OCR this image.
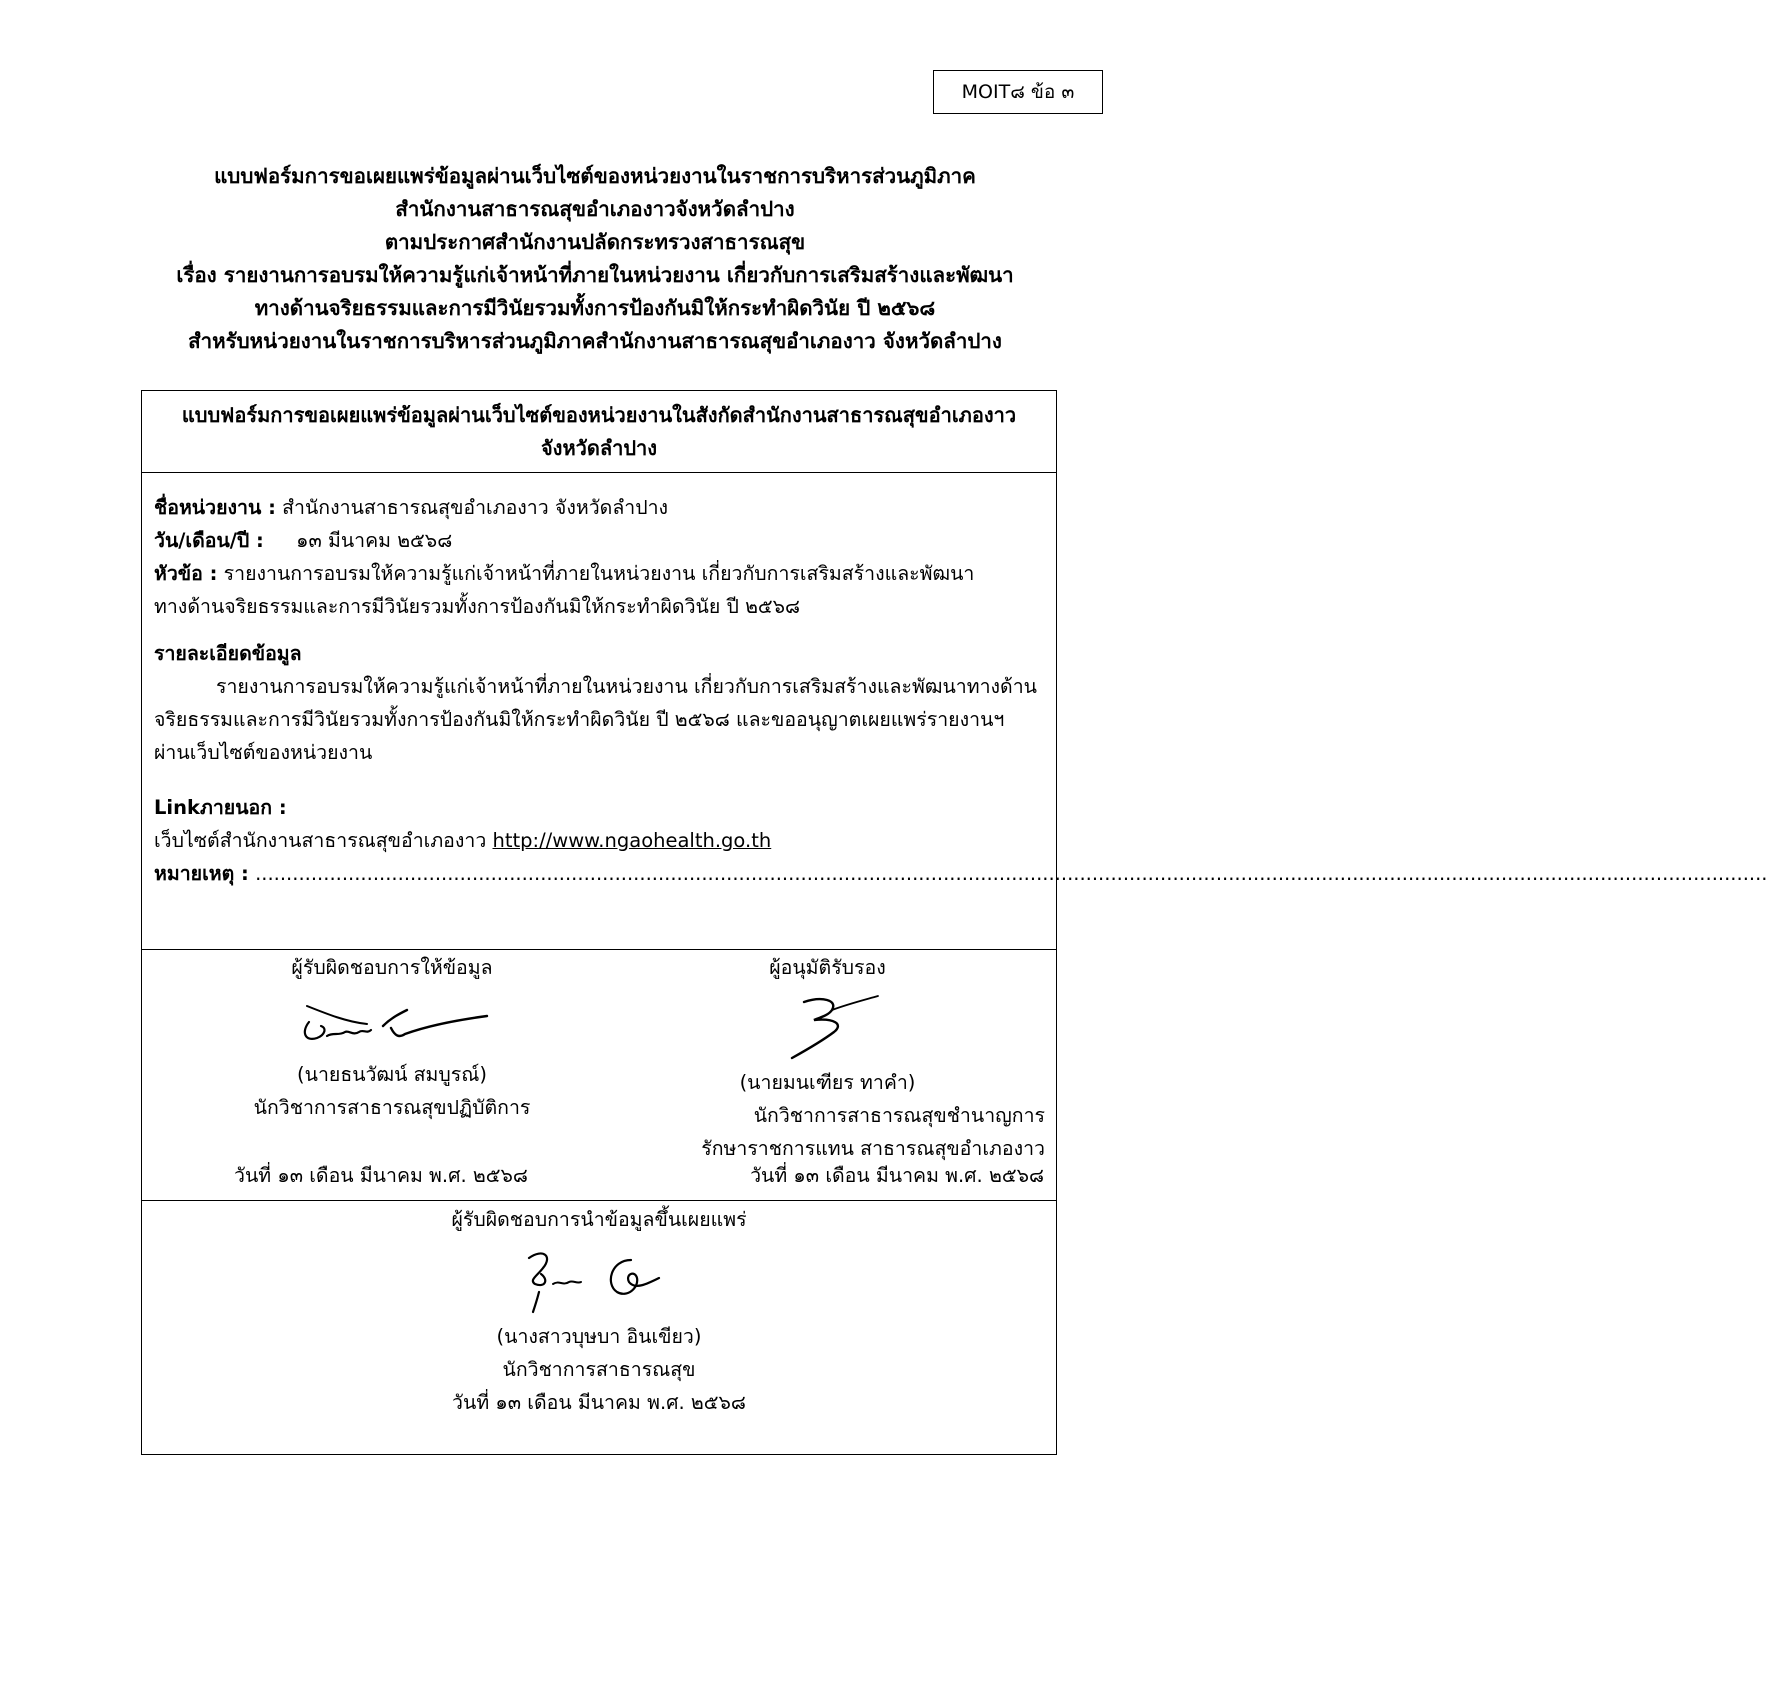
MOIT๘ ข้อ ๓
แบบฟอร์มการขอเผยแพร่ข้อมูลผ่านเว็บไซต์ของหน่วยงานในราชการบริหารส่วนภูมิภาค
สำนักงานสาธารณสุขอำเภองาวจังหวัดลำปาง
ตามประกาศสำนักงานปลัดกระทรวงสาธารณสุข
เรื่อง รายงานการอบรมให้ความรู้แก่เจ้าหน้าที่ภายในหน่วยงาน เกี่ยวกับการเสริมสร้างและพัฒนา
ทางด้านจริยธรรมและการมีวินัยรวมทั้งการป้องกันมิให้กระทำผิดวินัย ปี ๒๕๖๘
สำหรับหน่วยงานในราชการบริหารส่วนภูมิภาคสำนักงานสาธารณสุขอำเภองาว จังหวัดลำปาง
แบบฟอร์มการขอเผยแพร่ข้อมูลผ่านเว็บไซต์ของหน่วยงานในสังกัดสำนักงานสาธารณสุขอำเภองาว
จังหวัดลำปาง
ชื่อหน่วยงาน : สำนักงานสาธารณสุขอำเภองาว จังหวัดลำปาง
วัน/เดือน/ปี : ๑๓ มีนาคม ๒๕๖๘
หัวข้อ : รายงานการอบรมให้ความรู้แก่เจ้าหน้าที่ภายในหน่วยงาน เกี่ยวกับการเสริมสร้างและพัฒนา
ทางด้านจริยธรรมและการมีวินัยรวมทั้งการป้องกันมิให้กระทำผิดวินัย ปี ๒๕๖๘
รายละเอียดข้อมูล
รายงานการอบรมให้ความรู้แก่เจ้าหน้าที่ภายในหน่วยงาน เกี่ยวกับการเสริมสร้างและพัฒนาทางด้าน
จริยธรรมและการมีวินัยรวมทั้งการป้องกันมิให้กระทำผิดวินัย ปี ๒๕๖๘ และขออนุญาตเผยแพร่รายงานฯ
ผ่านเว็บไซต์ของหน่วยงาน
Linkภายนอก :
เว็บไซต์สำนักงานสาธารณสุขอำเภองาว http://www.ngaohealth.go.th
หมายเหตุ : ....................................................................................................................................................................................................................................................
ผู้รับผิดชอบการให้ข้อมูล
(นายธนวัฒน์ สมบูรณ์)
นักวิชาการสาธารณสุขปฏิบัติการ
ผู้อนุมัติรับรอง
(นายมนเฑียร ทาคำ)
นักวิชาการสาธารณสุขชำนาญการ
รักษาราชการแทน สาธารณสุขอำเภองาว
วันที่ ๑๓ เดือน มีนาคม พ.ศ. ๒๕๖๘	วันที่ ๑๓ เดือน มีนาคม พ.ศ. ๒๕๖๘
ผู้รับผิดชอบการนำข้อมูลขึ้นเผยแพร่
(นางสาวบุษบา อินเขียว)
นักวิชาการสาธารณสุข
วันที่ ๑๓ เดือน มีนาคม พ.ศ. ๒๕๖๘
